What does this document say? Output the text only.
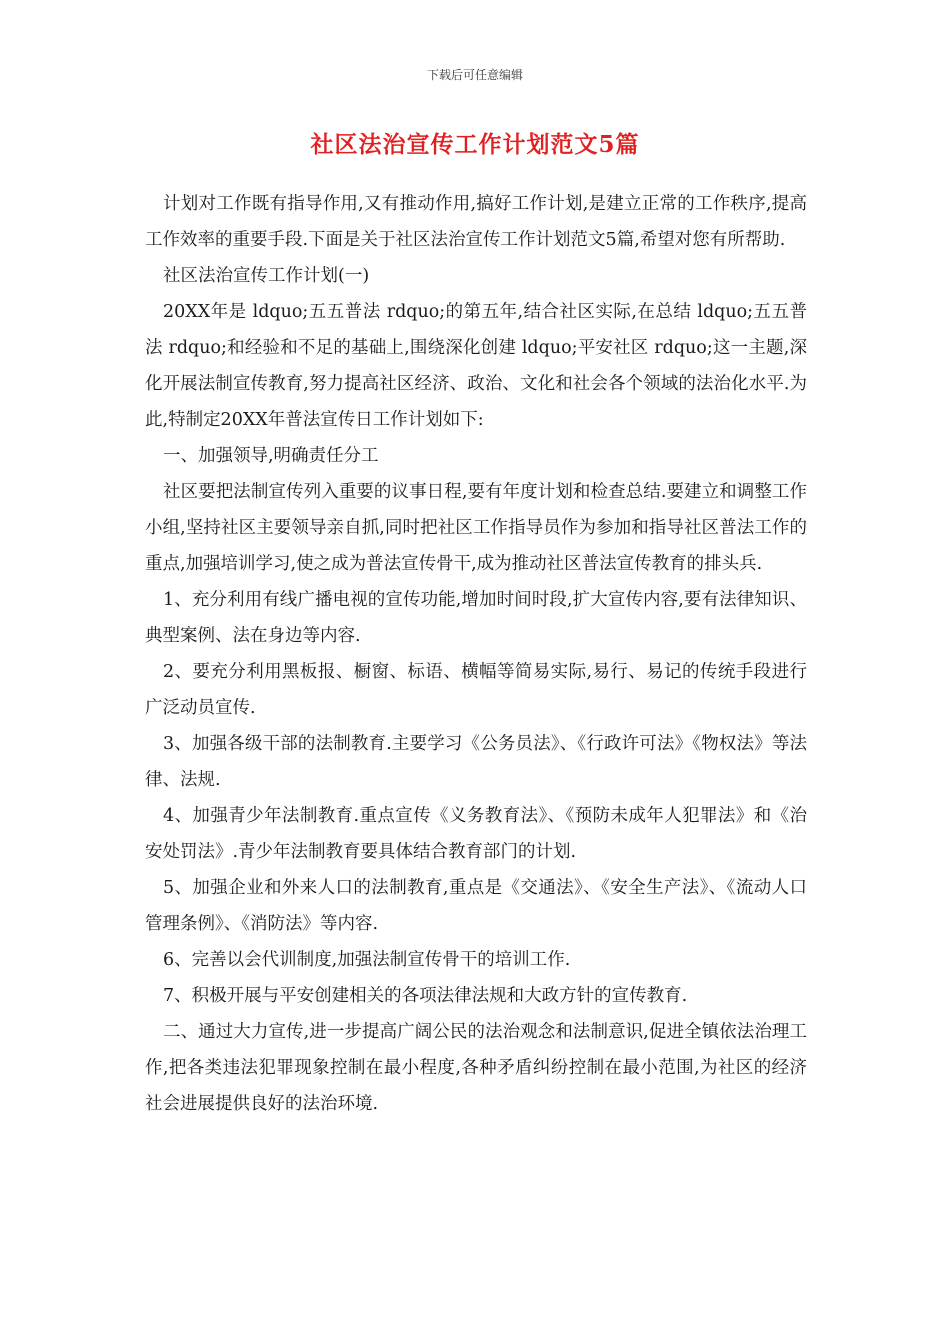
下载后可任意编辑
社区法治宣传工作计划范文5篇

计划对工作既有指导作用,又有推动作用,搞好工作计划,是建立正常的工作秩序,提高工作效率的重要手段.下面是关于社区法治宣传工作计划范文5篇,希望对您有所帮助.

社区法治宣传工作计划(一)

20XX年是 ldquo;五五普法 rdquo;的第五年,结合社区实际,在总结 ldquo;五五普法 rdquo;和经验和不足的基础上,围绕深化创建 ldquo;平安社区 rdquo;这一主题,深化开展法制宣传教育,努力提高社区经济、政治、文化和社会各个领域的法治化水平.为此,特制定20XX年普法宣传日工作计划如下:

一、加强领导,明确责任分工

社区要把法制宣传列入重要的议事日程,要有年度计划和检查总结.要建立和调整工作小组,坚持社区主要领导亲自抓,同时把社区工作指导员作为参加和指导社区普法工作的重点,加强培训学习,使之成为普法宣传骨干,成为推动社区普法宣传教育的排头兵.

1、充分利用有线广播电视的宣传功能,增加时间时段,扩大宣传内容,要有法律知识、典型案例、法在身边等内容.

2、要充分利用黑板报、橱窗、标语、横幅等简易实际,易行、易记的传统手段进行广泛动员宣传.

3、加强各级干部的法制教育.主要学习《公务员法》、《行政许可法》《物权法》等法律、法规.

4、加强青少年法制教育.重点宣传《义务教育法》、《预防未成年人犯罪法》和《治安处罚法》.青少年法制教育要具体结合教育部门的计划.

5、加强企业和外来人口的法制教育,重点是《交通法》、《安全生产法》、《流动人口管理条例》、《消防法》等内容.

6、完善以会代训制度,加强法制宣传骨干的培训工作.

7、积极开展与平安创建相关的各项法律法规和大政方针的宣传教育.

二、通过大力宣传,进一步提高广阔公民的法治观念和法制意识,促进全镇依法治理工作,把各类违法犯罪现象控制在最小程度,各种矛盾纠纷控制在最小范围,为社区的经济社会进展提供良好的法治环境.
